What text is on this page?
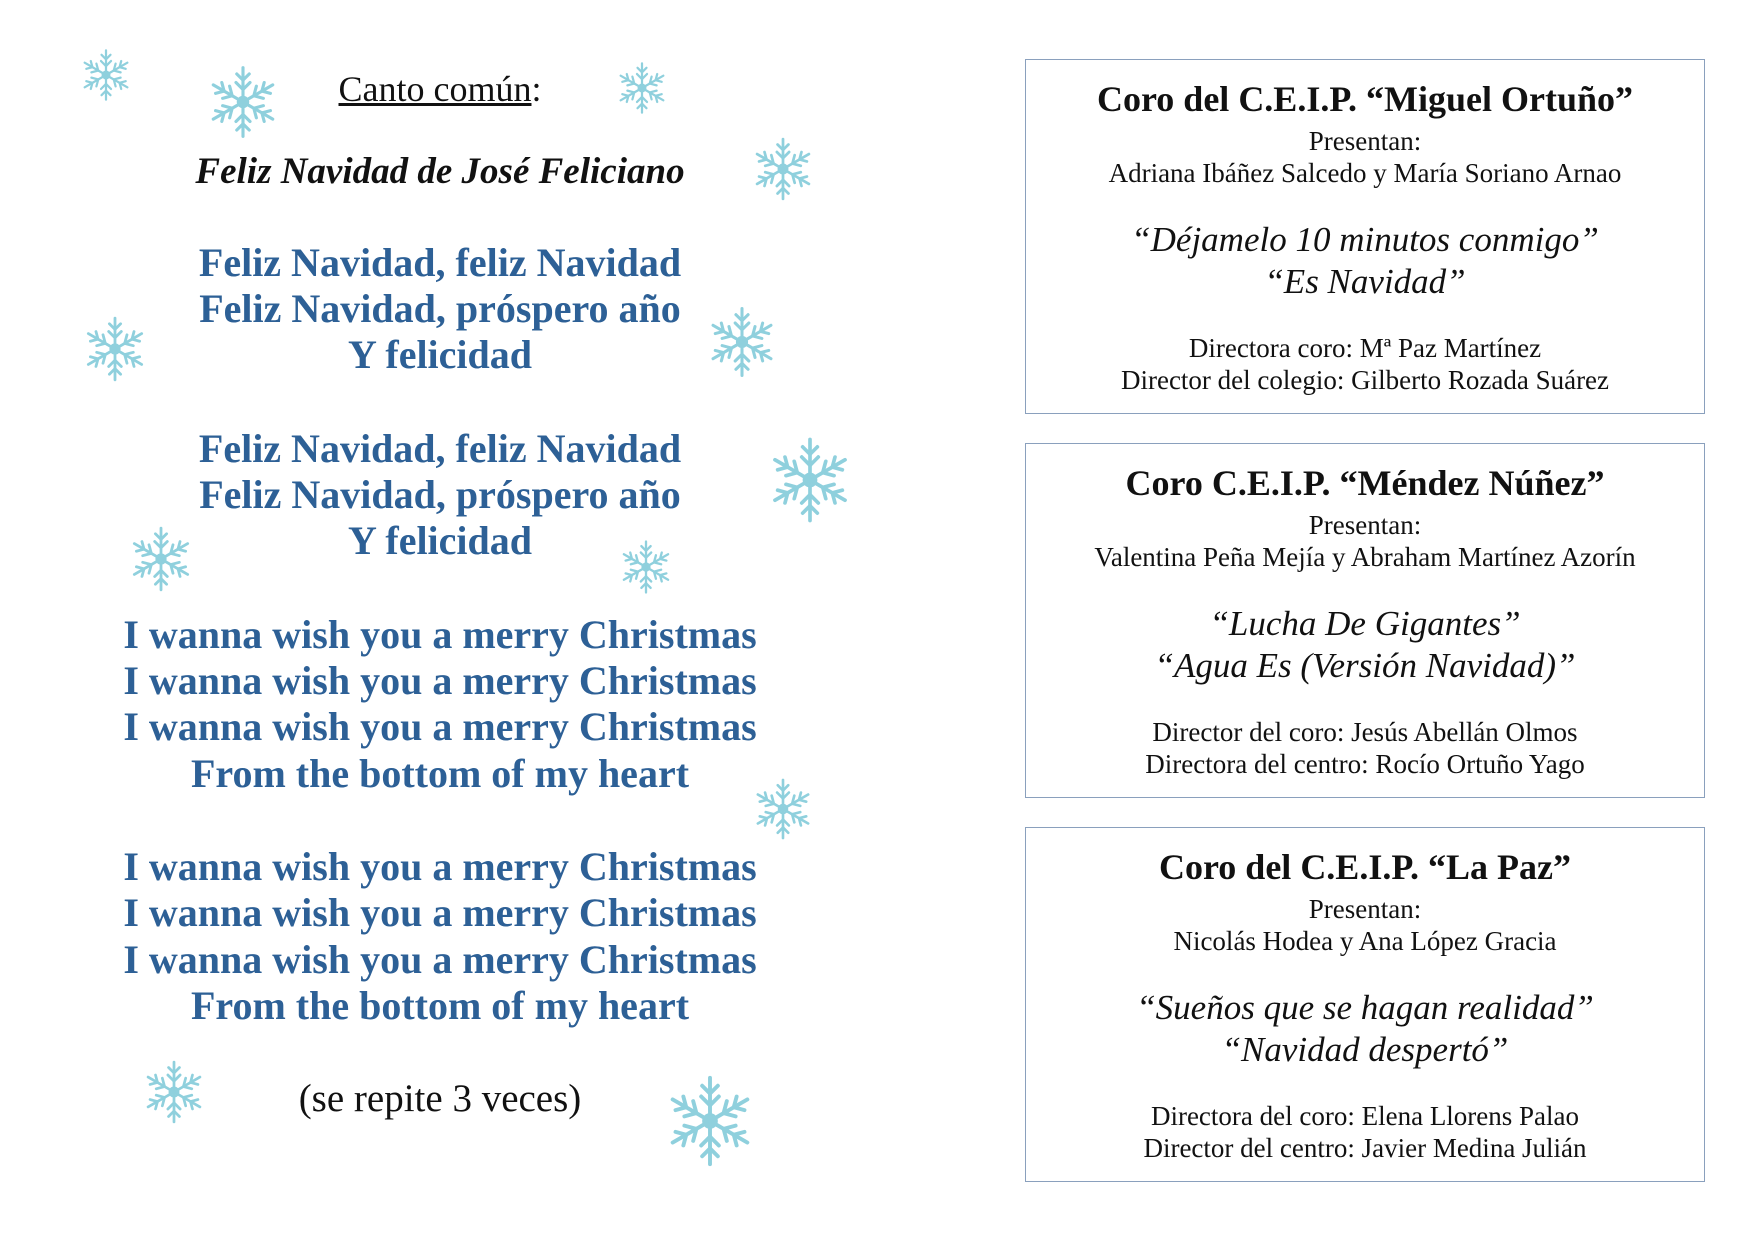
Canto común:
Feliz Navidad de José Feliciano
Feliz Navidad, feliz Navidad
Feliz Navidad, próspero año
Y felicidad
Feliz Navidad, feliz Navidad
Feliz Navidad, próspero año
Y felicidad
I wanna wish you a merry Christmas
I wanna wish you a merry Christmas
I wanna wish you a merry Christmas
From the bottom of my heart
I wanna wish you a merry Christmas
I wanna wish you a merry Christmas
I wanna wish you a merry Christmas
From the bottom of my heart
(se repite 3 veces)
Coro del C.E.I.P. “Miguel Ortuño”
Presentan:
Adriana Ibáñez Salcedo y María Soriano Arnao
“Déjamelo 10 minutos conmigo”
“Es Navidad”
Directora coro: Mª Paz Martínez
Director del colegio: Gilberto Rozada Suárez
Coro C.E.I.P. “Méndez Núñez”
Presentan:
Valentina Peña Mejía y Abraham Martínez Azorín
“Lucha De Gigantes”
“Agua Es (Versión Navidad)”
Director del coro: Jesús Abellán Olmos
Directora del centro: Rocío Ortuño Yago
Coro del C.E.I.P. “La Paz”
Presentan:
Nicolás Hodea y Ana López Gracia
“Sueños que se hagan realidad”
“Navidad despertó”
Directora del coro: Elena Llorens Palao
Director del centro: Javier Medina Julián
